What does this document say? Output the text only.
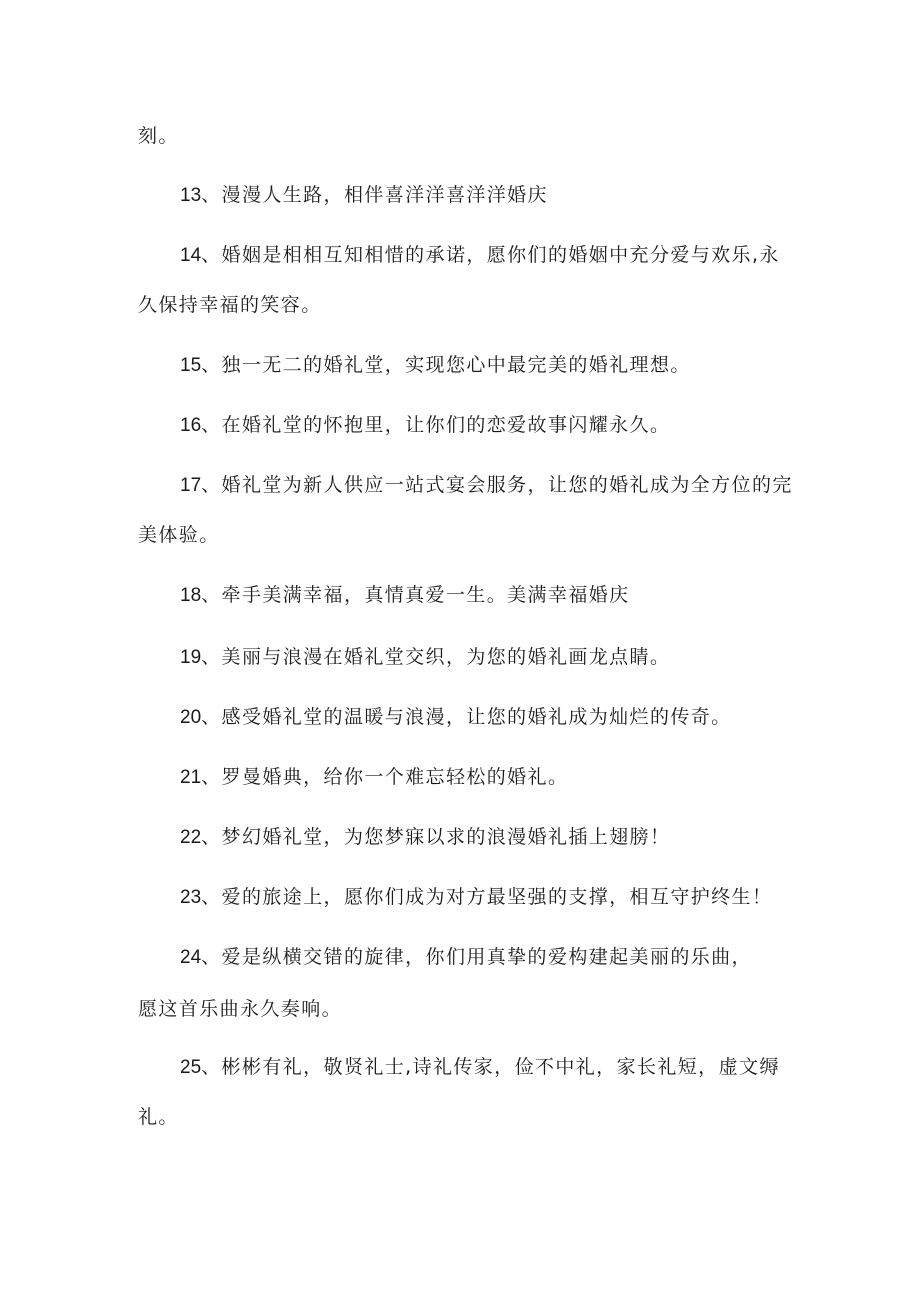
刻。
13、漫漫人生路，相伴喜洋洋喜洋洋婚庆
14、婚姻是相相互知相惜的承诺，愿你们的婚姻中充分爱与欢乐,永
久保持幸福的笑容。
15、独一无二的婚礼堂，实现您心中最完美的婚礼理想。
16、在婚礼堂的怀抱里，让你们的恋爱故事闪耀永久。
17、婚礼堂为新人供应一站式宴会服务，让您的婚礼成为全方位的完
美体验。
18、牵手美满幸福，真情真爱一生。美满幸福婚庆
19、美丽与浪漫在婚礼堂交织，为您的婚礼画龙点睛。
20、感受婚礼堂的温暖与浪漫，让您的婚礼成为灿烂的传奇。
21、罗曼婚典，给你一个难忘轻松的婚礼。
22、梦幻婚礼堂，为您梦寐以求的浪漫婚礼插上翅膀！
23、爱的旅途上，愿你们成为对方最坚强的支撑，相互守护终生！
24、爱是纵横交错的旋律，你们用真挚的爱构建起美丽的乐曲，
愿这首乐曲永久奏响。
25、彬彬有礼，敬贤礼士,诗礼传家，俭不中礼，家长礼短，虚文缛
礼。
